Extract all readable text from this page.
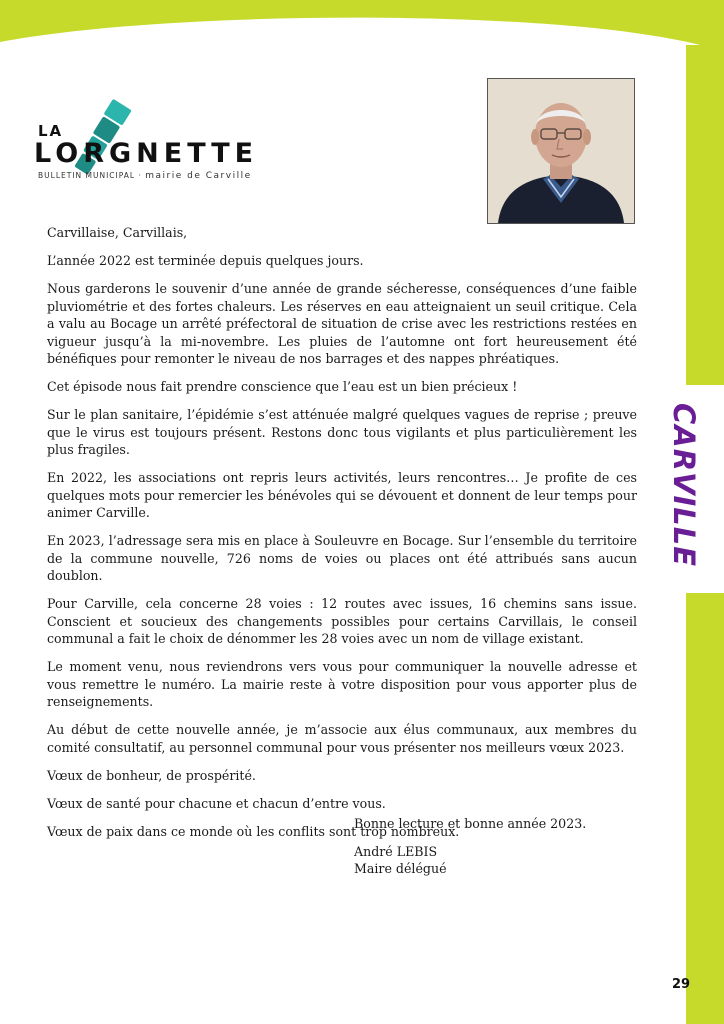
CARVILLE
LA
LORGNETTE
BULLETIN MUNICIPAL · mairie de Carville

Carvillaise, Carvillais,

L’année 2022 est terminée depuis quelques jours.

Nous garderons le souvenir d’une année de grande sécheresse, conséquences d’une faible pluviométrie et des fortes chaleurs. Les réserves en eau atteignaient un seuil critique. Cela a valu au Bocage un arrêté préfectoral de situation de crise avec les restrictions restées en vigueur jusqu’à la mi-novembre. Les pluies de l’automne ont fort heureusement été bénéfiques pour remonter le niveau de nos barrages et des nappes phréatiques.

Cet épisode nous fait prendre conscience que l’eau est un bien précieux !

Sur le plan sanitaire, l’épidémie s’est atténuée malgré quelques vagues de reprise ; preuve que le virus est toujours présent. Restons donc tous vigilants et plus particulièrement les plus fragiles.

En 2022, les associations ont repris leurs activités, leurs rencontres… Je profite de ces quelques mots pour remercier les bénévoles qui se dévouent et donnent de leur temps pour animer Carville.

En 2023, l’adressage sera mis en place à Souleuvre en Bocage. Sur l’ensemble du territoire de la commune nouvelle, 726 noms de voies ou places ont été attribués sans aucun doublon.

Pour Carville, cela concerne 28 voies : 12 routes avec issues, 16 chemins sans issue. Conscient et soucieux des changements possibles pour certains Carvillais, le conseil communal a fait le choix de dénommer les 28 voies avec un nom de village existant.

Le moment venu, nous reviendrons vers vous pour communiquer la nouvelle adresse et vous remettre le numéro. La mairie reste à votre disposition pour vous apporter plus de renseignements.

Au début de cette nouvelle année, je m’associe aux élus communaux, aux membres du comité consultatif, au personnel communal pour vous présenter nos meilleurs vœux 2023.

Vœux de bonheur, de prospérité.

Vœux de santé pour chacune et chacun d’entre vous.

Vœux de paix dans ce monde où les conflits sont trop nombreux.

Bonne lecture et bonne année 2023.

André LEBIS
Maire délégué
29
